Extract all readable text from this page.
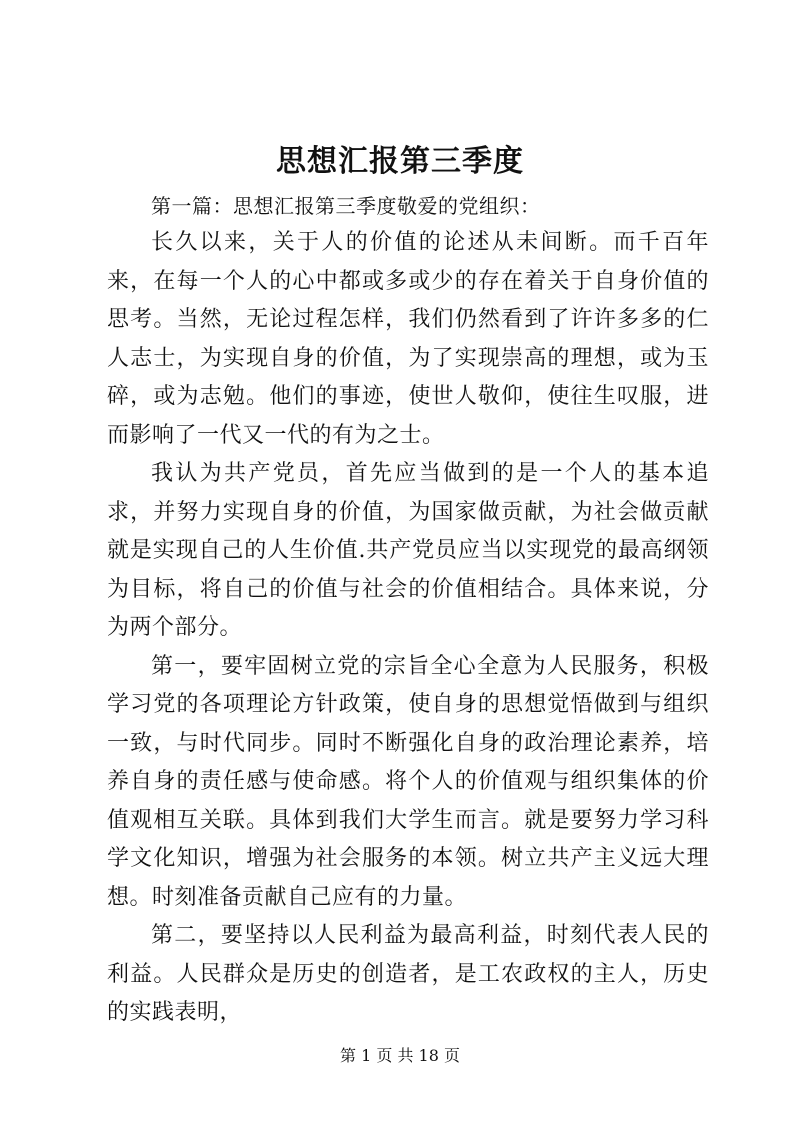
思想汇报第三季度

第一篇：思想汇报第三季度敬爱的党组织：

长久以来，关于人的价值的论述从未间断。而千百年来，在每一个人的心中都或多或少的存在着关于自身价值的思考。当然，无论过程怎样，我们仍然看到了许许多多的仁人志士，为实现自身的价值，为了实现崇高的理想，或为玉碎，或为志勉。他们的事迹，使世人敬仰，使往生叹服，进而影响了一代又一代的有为之士。

我认为共产党员，首先应当做到的是一个人的基本追求，并努力实现自身的价值，为国家做贡献，为社会做贡献就是实现自己的人生价值.共产党员应当以实现党的最高纲领为目标，将自己的价值与社会的价值相结合。具体来说，分为两个部分。

第一，要牢固树立党的宗旨全心全意为人民服务，积极学习党的各项理论方针政策，使自身的思想觉悟做到与组织一致，与时代同步。同时不断强化自身的政治理论素养，培养自身的责任感与使命感。将个人的价值观与组织集体的价值观相互关联。具体到我们大学生而言。就是要努力学习科学文化知识，增强为社会服务的本领。树立共产主义远大理想。时刻准备贡献自己应有的力量。

第二，要坚持以人民利益为最高利益，时刻代表人民的利益。人民群众是历史的创造者，是工农政权的主人，历史的实践表明，

第 1 页 共 18 页
